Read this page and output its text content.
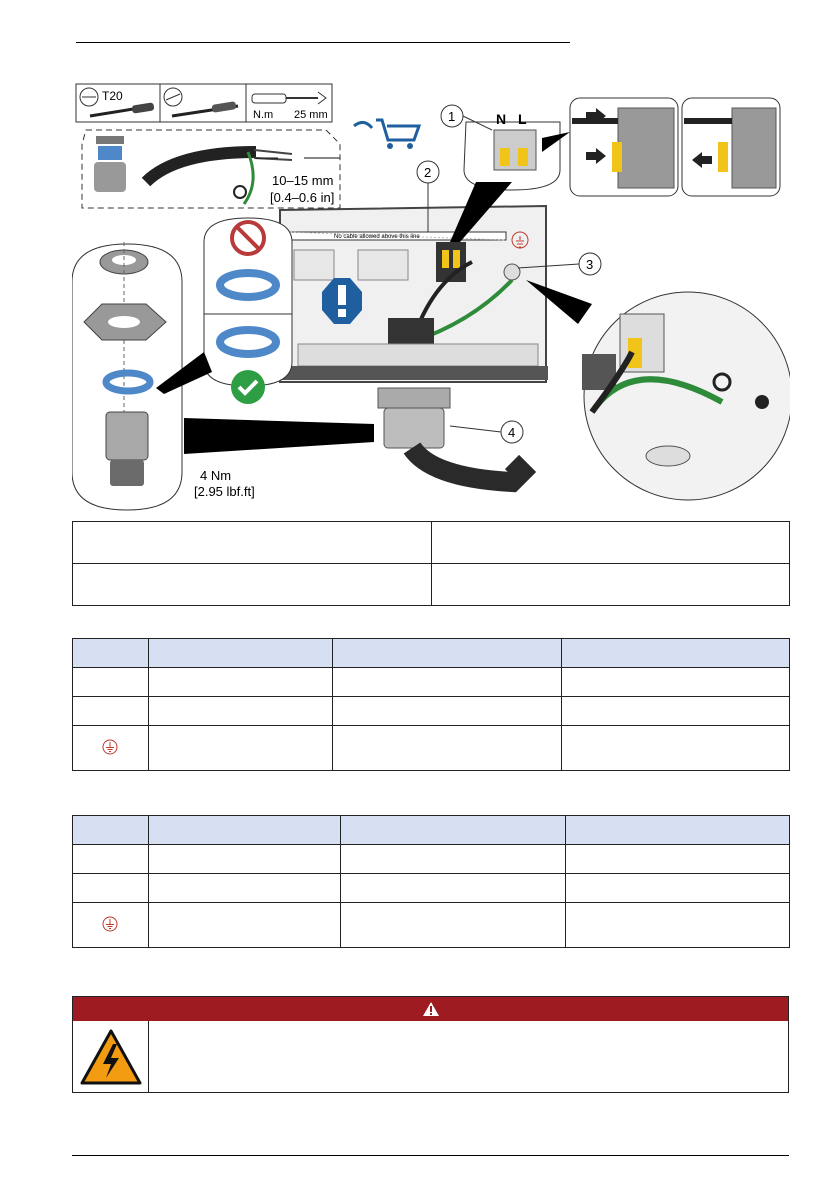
T20
N.m 25 mm
10–15 mm
[0.4–0.6 in]
No cable allowed above this line
4 Nm
[2.95 lbf.ft]
N L
1
2
3
4
